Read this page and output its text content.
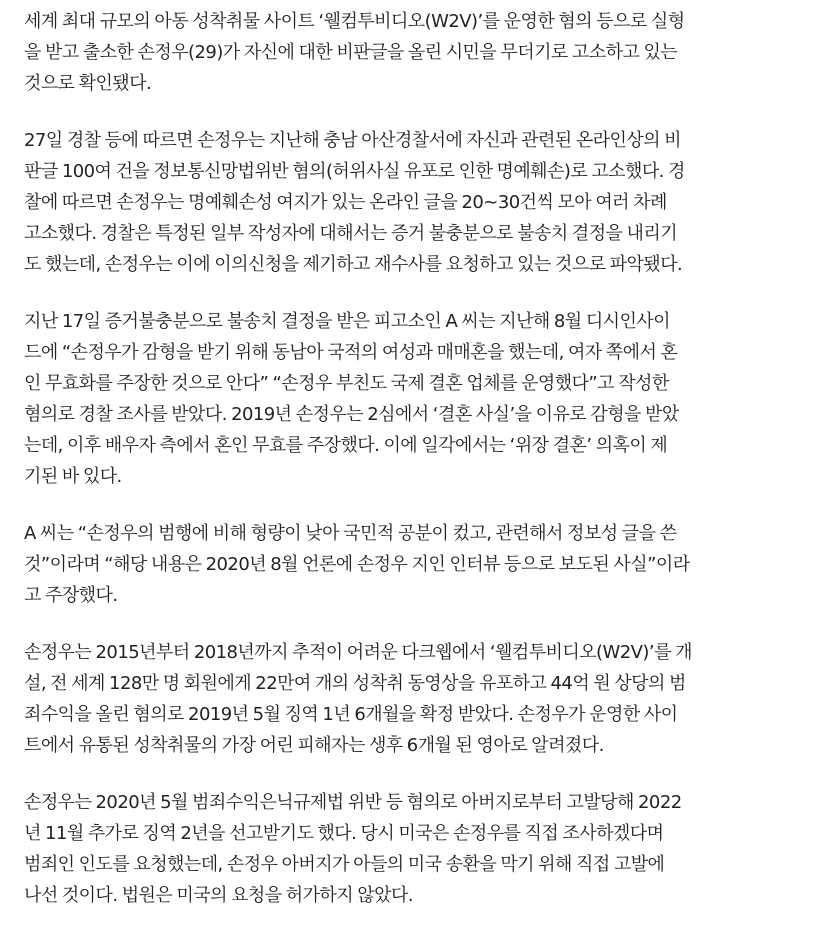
세계 최대 규모의 아동 성착취물 사이트 ‘웰컴투비디오(W2V)’를 운영한 혐의 등으로 실형
을 받고 출소한 손정우(29)가 자신에 대한 비판글을 올린 시민을 무더기로 고소하고 있는
것으로 확인됐다.
27일 경찰 등에 따르면 손정우는 지난해 충남 아산경찰서에 자신과 관련된 온라인상의 비
판글 100여 건을 정보통신망법위반 혐의(허위사실 유포로 인한 명예훼손)로 고소했다. 경
찰에 따르면 손정우는 명예훼손성 여지가 있는 온라인 글을 20~30건씩 모아 여러 차례
고소했다. 경찰은 특정된 일부 작성자에 대해서는 증거 불충분으로 불송치 결정을 내리기
도 했는데, 손정우는 이에 이의신청을 제기하고 재수사를 요청하고 있는 것으로 파악됐다.
지난 17일 증거불충분으로 불송치 결정을 받은 피고소인 A 씨는 지난해 8월 디시인사이
드에 “손정우가 감형을 받기 위해 동남아 국적의 여성과 매매혼을 했는데, 여자 쪽에서 혼
인 무효화를 주장한 것으로 안다” “손정우 부친도 국제 결혼 업체를 운영했다”고 작성한
혐의로 경찰 조사를 받았다. 2019년 손정우는 2심에서 ‘결혼 사실’을 이유로 감형을 받았
는데, 이후 배우자 측에서 혼인 무효를 주장했다. 이에 일각에서는 ‘위장 결혼’ 의혹이 제
기된 바 있다.
A 씨는 “손정우의 범행에 비해 형량이 낮아 국민적 공분이 컸고, 관련해서 정보성 글을 쓴
것”이라며 “해당 내용은 2020년 8월 언론에 손정우 지인 인터뷰 등으로 보도된 사실”이라
고 주장했다.
손정우는 2015년부터 2018년까지 추적이 어려운 다크웹에서 ‘웰컴투비디오(W2V)’를 개
설, 전 세계 128만 명 회원에게 22만여 개의 성착취 동영상을 유포하고 44억 원 상당의 범
죄수익을 올린 혐의로 2019년 5월 징역 1년 6개월을 확정 받았다. 손정우가 운영한 사이
트에서 유통된 성착취물의 가장 어린 피해자는 생후 6개월 된 영아로 알려졌다.
손정우는 2020년 5월 범죄수익은닉규제법 위반 등 혐의로 아버지로부터 고발당해 2022
년 11월 추가로 징역 2년을 선고받기도 했다. 당시 미국은 손정우를 직접 조사하겠다며
범죄인 인도를 요청했는데, 손정우 아버지가 아들의 미국 송환을 막기 위해 직접 고발에
나선 것이다. 법원은 미국의 요청을 허가하지 않았다.
